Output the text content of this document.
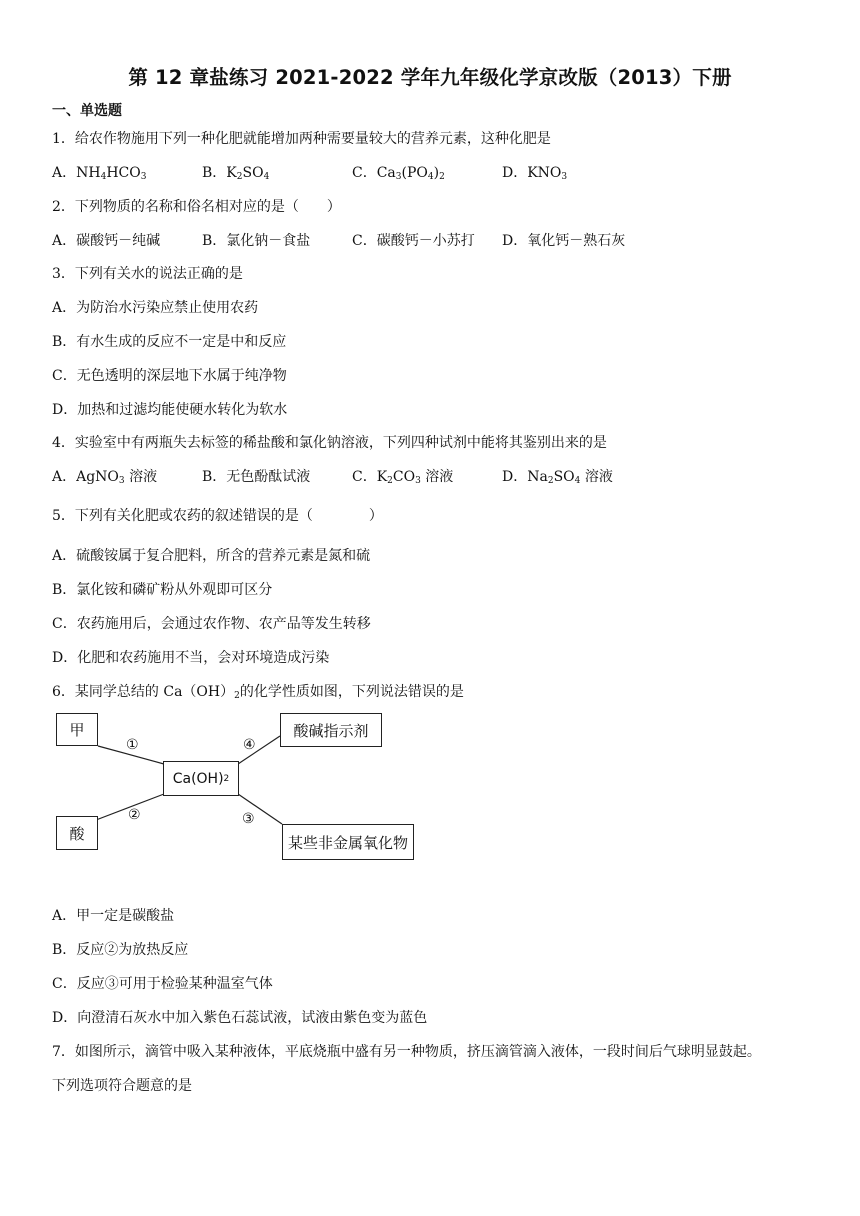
第 12 章盐练习 2021-2022 学年九年级化学京改版（2013）下册
一、单选题
1．给农作物施用下列一种化肥就能增加两种需要量较大的营养元素，这种化肥是
A．$NH_4HCO_3$	B．$K_2SO_4$	C．$Ca_3(PO_4)_2$	D．$KNO_3$
2．下列物质的名称和俗名相对应的是（　　）
A．碳酸钙－纯碱	B．氯化钠－食盐	C．碳酸钙－小苏打 D．氧化钙－熟石灰
3．下列有关水的说法正确的是
A．为防治水污染应禁止使用农药
B．有水生成的反应不一定是中和反应
C．无色透明的深层地下水属于纯净物
D．加热和过滤均能使硬水转化为软水
4．实验室中有两瓶失去标签的稀盐酸和氯化钠溶液，下列四种试剂中能将其鉴别出来的是
A．AgNO$_3$ 溶液	B．无色酚酞试液	C．$K_2CO_3$ 溶液	D．$Na_2SO_4$ 溶液
5．下列有关化肥或农药的叙述错误的是（　　　　）
A．硫酸铵属于复合肥料，所含的营养元素是氮和硫
B．氯化铵和磷矿粉从外观即可区分
C．农药施用后，会通过农作物、农产品等发生转移
D．化肥和农药施用不当，会对环境造成污染
6．某同学总结的 $Ca(OH)_2$的化学性质如图，下列说法错误的是
甲
酸
Ca(OH) 2
酸碱指示剂
某些非金属氧化物
①
②	③
④
A．甲一定是碳酸盐
B．反应②为放热反应
C．反应③可用于检验某种温室气体
D．向澄清石灰水中加入紫色石蕊试液，试液由紫色变为蓝色
7．如图所示，滴管中吸入某种液体，平底烧瓶中盛有另一种物质，挤压滴管滴入液体，一段时间后气球明显鼓起。
下列选项符合题意的是
